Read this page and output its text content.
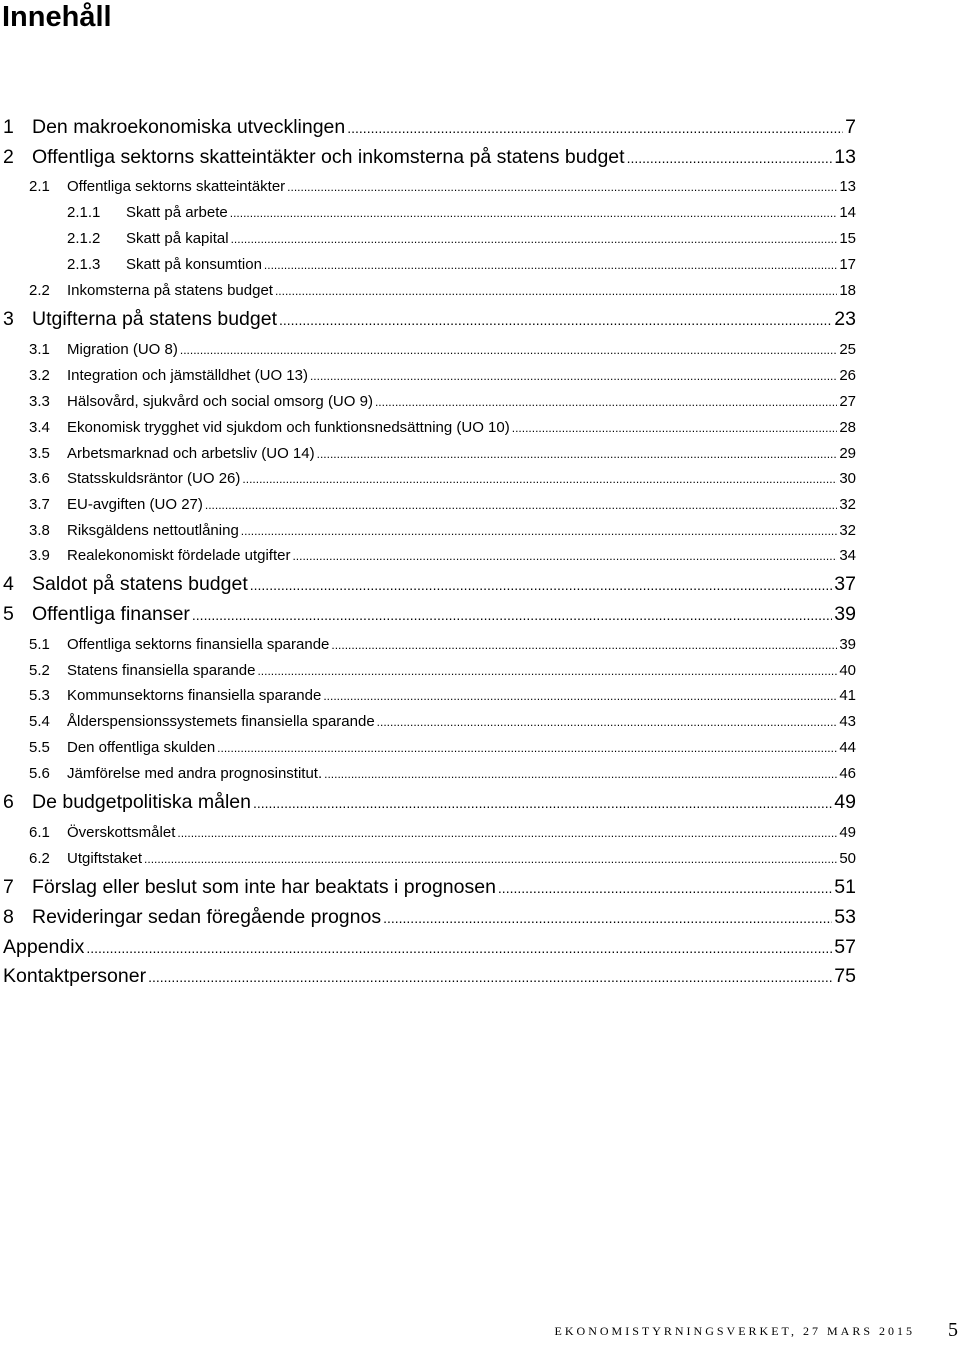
Innehåll
1 Den makroekonomiska utvecklingen .....	7
2 Offentliga sektorns skatteintäkter och inkomsterna på statens budget .....	13
2.1	Offentliga sektorns skatteintäkter .....	13
2.1.1	Skatt på arbete .....	14
2.1.2	Skatt på kapital .....	15
2.1.3	Skatt på konsumtion .....	17
2.2	Inkomsterna på statens budget .....	18
3 Utgifterna på statens budget .....	23
3.1	Migration (UO 8) .....	25
3.2	Integration och jämställdhet (UO 13) .....	26
3.3	Hälsovård, sjukvård och social omsorg (UO 9) .....	27
3.4	Ekonomisk trygghet vid sjukdom och funktionsnedsättning (UO 10) .....	28
3.5	Arbetsmarknad och arbetsliv (UO 14) .....	29
3.6	Statsskuldsräntor (UO 26) .....	30
3.7	EU-avgiften (UO 27) .....	32
3.8	Riksgäldens nettoutlåning .....	32
3.9	Realekonomiskt fördelade utgifter .....	34
4 Saldot på statens budget .....	37
5 Offentliga finanser .....	39
5.1	Offentliga sektorns finansiella sparande .....	39
5.2	Statens finansiella sparande .....	40
5.3	Kommunsektorns finansiella sparande .....	41
5.4	Ålderspensionssystemets finansiella sparande .....	43
5.5	Den offentliga skulden .....	44
5.6	Jämförelse med andra prognosinstitut. .....	46
6 De budgetpolitiska målen .....	49
6.1	Överskottsmålet .....	49
6.2	Utgiftstaket .....	50
7 Förslag eller beslut som inte har beaktats i prognosen .....	51
8 Revideringar sedan föregående prognos .....	53
Appendix .....	57
Kontaktpersoner .....	75
EKONOMISTYRNINGSVERKET, 27 MARS 2015 5
